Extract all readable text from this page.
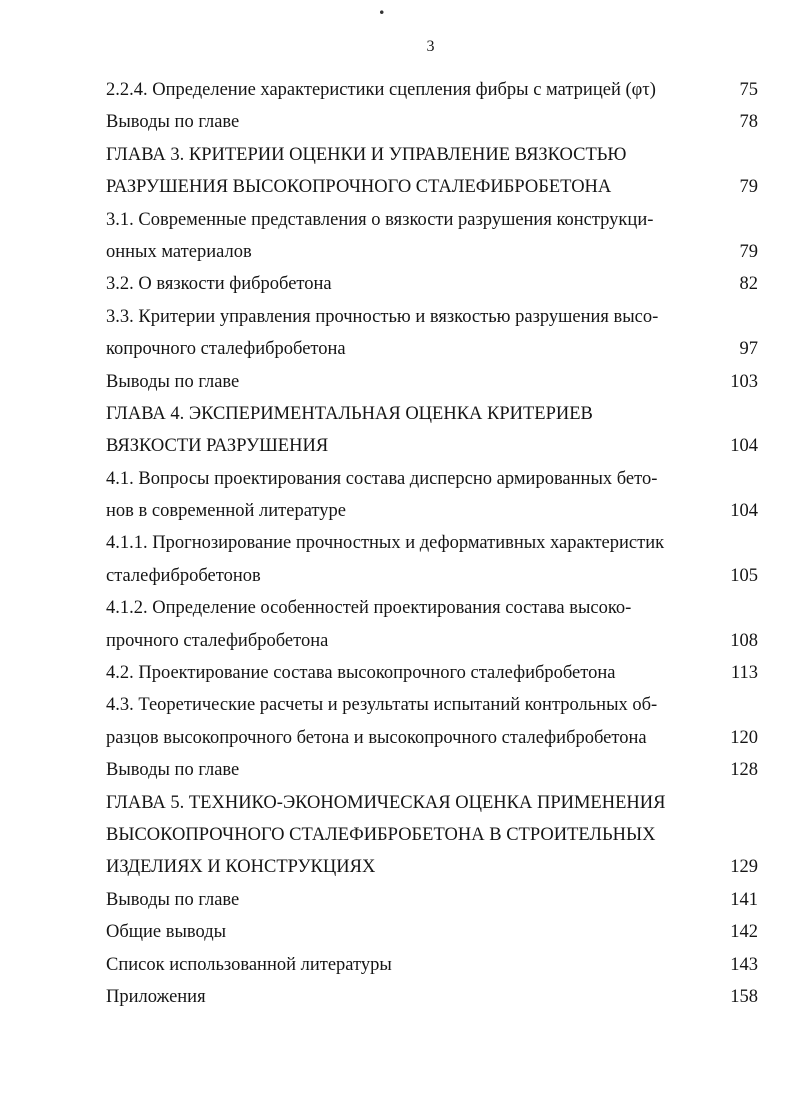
.
3
2.2.4. Определение характеристики сцепления фибры с матрицей (φτ)	75
Выводы по главе	78
ГЛАВА 3. КРИТЕРИИ ОЦЕНКИ И УПРАВЛЕНИЕ ВЯЗКОСТЬЮ
РАЗРУШЕНИЯ ВЫСОКОПРОЧНОГО СТАЛЕФИБРОБЕТОНА	79
3.1. Современные представления о вязкости разрушения конструкци-
онных материалов	79
3.2. О вязкости фибробетона	82
3.3. Критерии управления прочностью и вязкостью разрушения высо-
копрочного сталефибробетона	97
Выводы по главе	103
ГЛАВА 4. ЭКСПЕРИМЕНТАЛЬНАЯ ОЦЕНКА КРИТЕРИЕВ
ВЯЗКОСТИ РАЗРУШЕНИЯ	104
4.1. Вопросы проектирования состава дисперсно армированных бето-
нов в современной литературе	104
4.1.1. Прогнозирование прочностных и деформативных характеристик
сталефибробетонов	105
4.1.2. Определение особенностей проектирования состава высоко-
прочного сталефибробетона	108
4.2. Проектирование состава высокопрочного сталефибробетона	113
4.3. Теоретические расчеты и результаты испытаний контрольных об-
разцов высокопрочного бетона и высокопрочного сталефибробетона	120
Выводы по главе	128
ГЛАВА 5. ТЕХНИКО-ЭКОНОМИЧЕСКАЯ ОЦЕНКА ПРИМЕНЕНИЯ
ВЫСОКОПРОЧНОГО СТАЛЕФИБРОБЕТОНА В СТРОИТЕЛЬНЫХ
ИЗДЕЛИЯХ И КОНСТРУКЦИЯХ	129
Выводы по главе	141
Общие выводы	142
Список использованной литературы	143
Приложения	158
